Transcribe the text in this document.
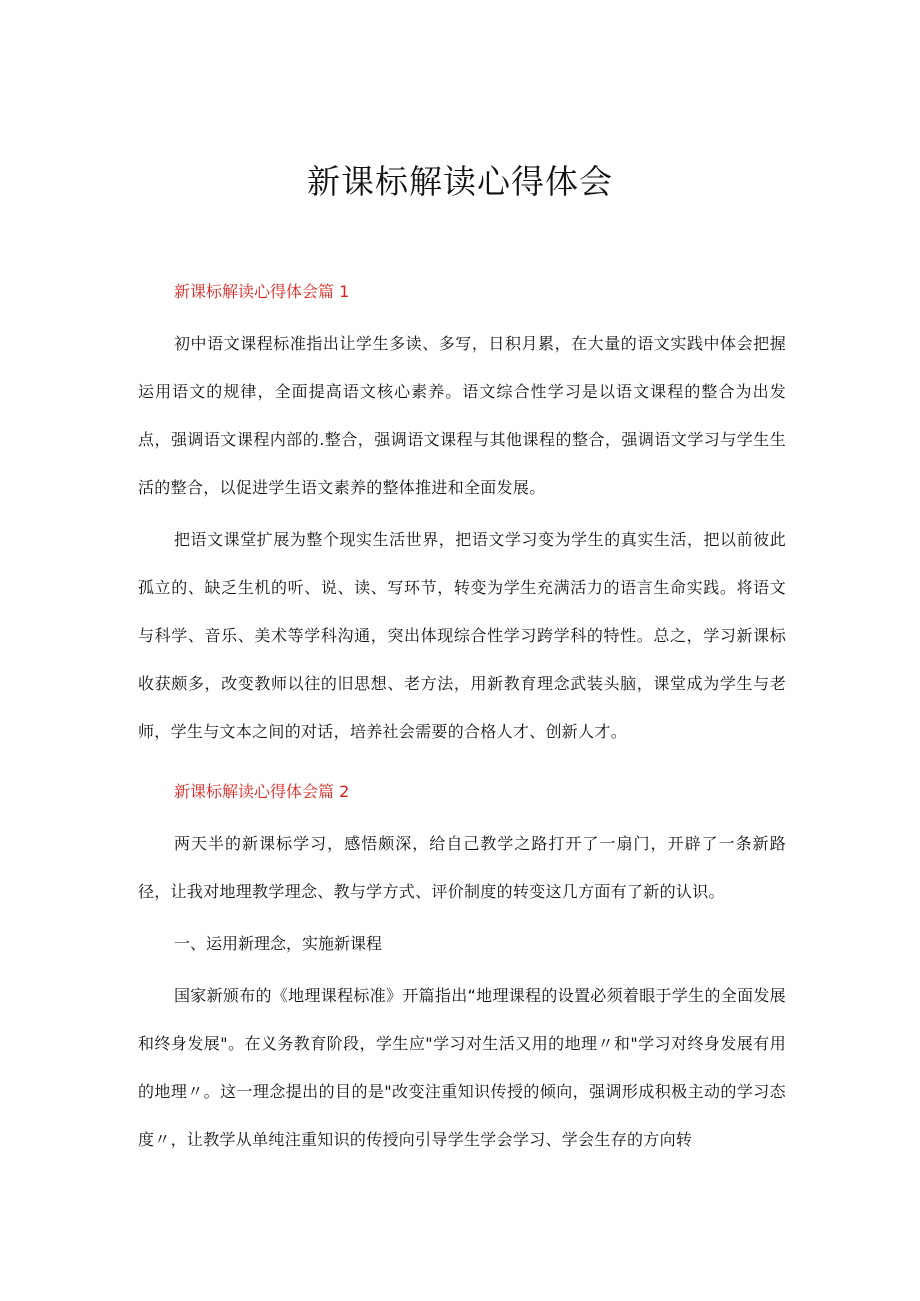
新课标解读心得体会
新课标解读心得体会篇 1

初中语文课程标准指出让学生多读、多写，日积月累，在大量的语文实践中体会把握运用语文的规律，全面提高语文核心素养。语文综合性学习是以语文课程的整合为出发点，强调语文课程内部的.整合，强调语文课程与其他课程的整合，强调语文学习与学生生活的整合，以促进学生语文素养的整体推进和全面发展。

把语文课堂扩展为整个现实生活世界，把语文学习变为学生的真实生活，把以前彼此孤立的、缺乏生机的听、说、读、写环节，转变为学生充满活力的语言生命实践。将语文与科学、音乐、美术等学科沟通，突出体现综合性学习跨学科的特性。总之，学习新课标收获颇多，改变教师以往的旧思想、老方法，用新教育理念武装头脑，课堂成为学生与老师，学生与文本之间的对话，培养社会需要的合格人才、创新人才。

新课标解读心得体会篇 2

两天半的新课标学习，感悟颇深，给自己教学之路打开了一扇门，开辟了一条新路径，让我对地理教学理念、教与学方式、评价制度的转变这几方面有了新的认识。

一、运用新理念，实施新课程

国家新颁布的《地理课程标准》开篇指出“地理课程的设置必须着眼于学生的全面发展和终身发展"。在义务教育阶段，学生应"学习对生活又用的地理〃和"学习对终身发展有用的地理〃。这一理念提出的目的是"改变注重知识传授的倾向，强调形成积极主动的学习态度〃，让教学从单纯注重知识的传授向引导学生学会学习、学会生存的方向转
